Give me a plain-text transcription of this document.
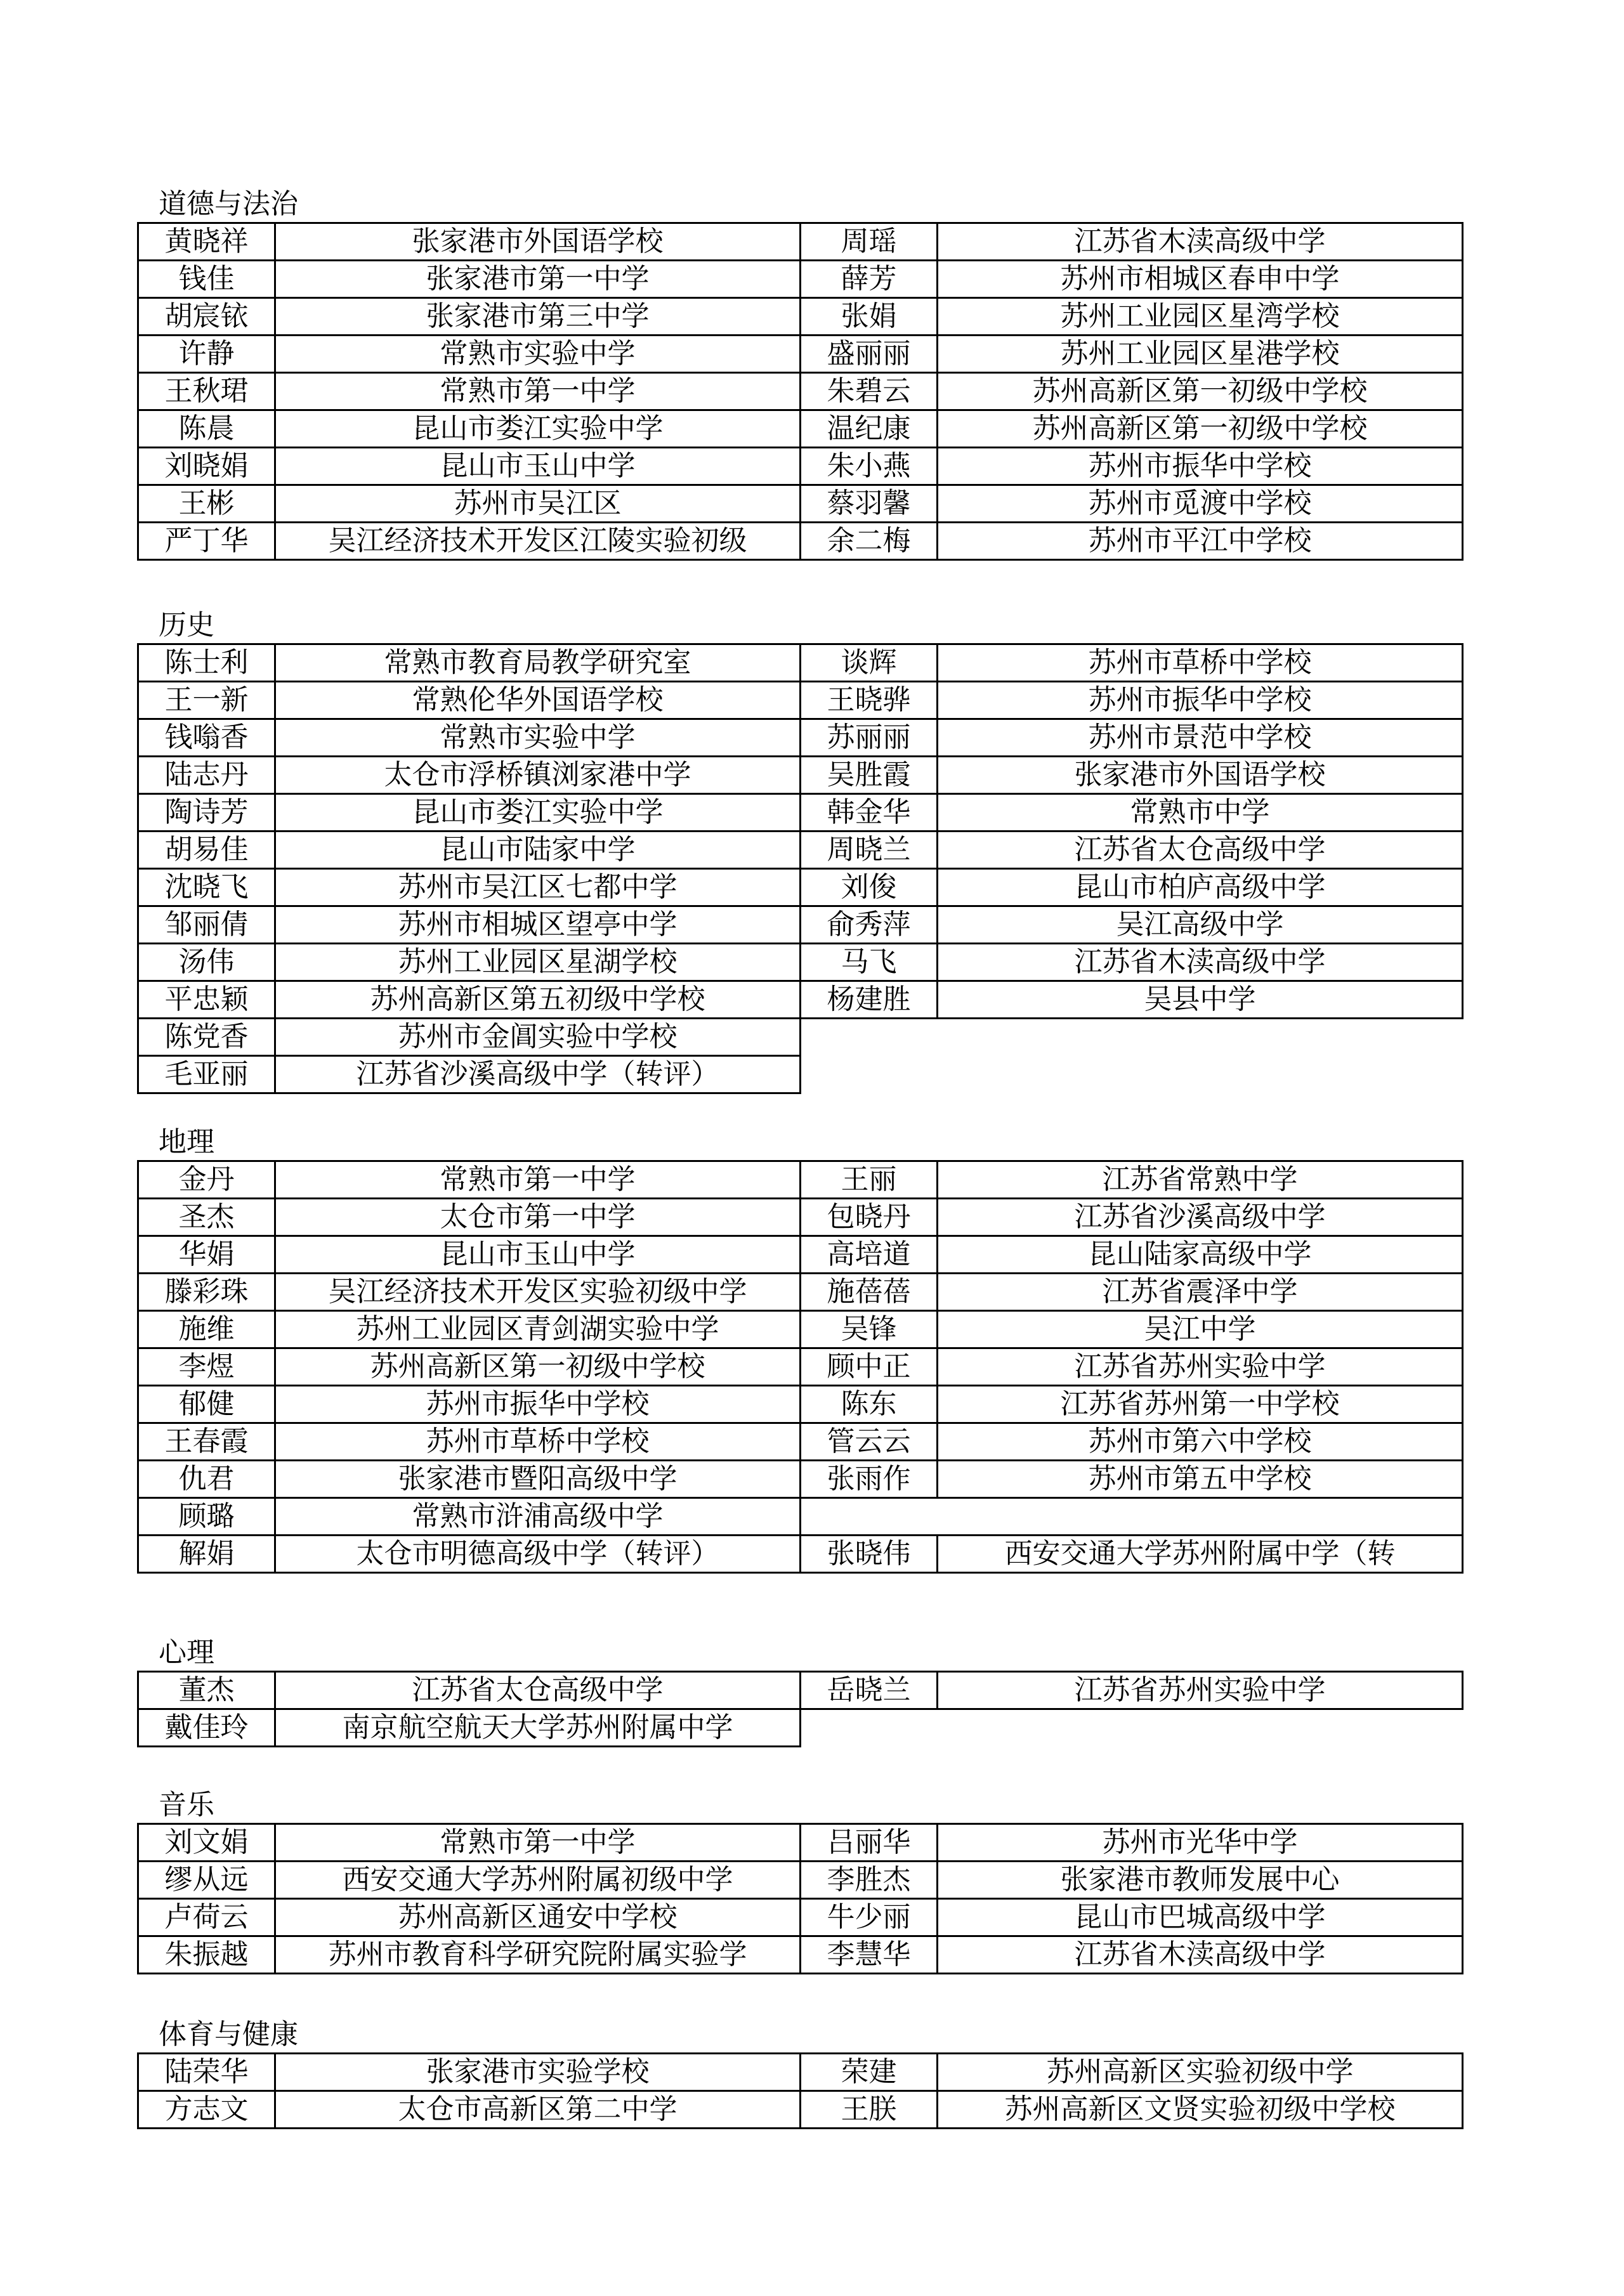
道德与法治
黄晓祥	张家港市外国语学校	周瑶	江苏省木渎高级中学
钱佳	张家港市第一中学	薛芳	苏州市相城区春申中学
胡宸铱	张家港市第三中学	张娟	苏州工业园区星湾学校
许静	常熟市实验中学	盛丽丽	苏州工业园区星港学校
王秋珺	常熟市第一中学	朱碧云	苏州高新区第一初级中学校
陈晨	昆山市娄江实验中学	温纪康	苏州高新区第一初级中学校
刘晓娟	昆山市玉山中学	朱小燕	苏州市振华中学校
王彬	苏州市吴江区	蔡羽馨	苏州市觅渡中学校
严丁华	吴江经济技术开发区江陵实验初级	余二梅	苏州市平江中学校
历史
陈士利	常熟市教育局教学研究室	谈辉	苏州市草桥中学校
王一新	常熟伦华外国语学校	王晓骅	苏州市振华中学校
钱嗡香	常熟市实验中学	苏丽丽	苏州市景范中学校
陆志丹	太仓市浮桥镇浏家港中学	吴胜霞	张家港市外国语学校
陶诗芳	昆山市娄江实验中学	韩金华	常熟市中学
胡易佳	昆山市陆家中学	周晓兰	江苏省太仓高级中学
沈晓飞	苏州市吴江区七都中学	刘俊	昆山市柏庐高级中学
邹丽倩	苏州市相城区望亭中学	俞秀萍	吴江高级中学
汤伟	苏州工业园区星湖学校	马飞	江苏省木渎高级中学
平忠颖	苏州高新区第五初级中学校	杨建胜	吴县中学
陈党香	苏州市金阊实验中学校		
毛亚丽	江苏省沙溪高级中学（转评）		
地理
金丹	常熟市第一中学	王丽	江苏省常熟中学
圣杰	太仓市第一中学	包晓丹	江苏省沙溪高级中学
华娟	昆山市玉山中学	高培道	昆山陆家高级中学
滕彩珠	吴江经济技术开发区实验初级中学	施蓓蓓	江苏省震泽中学
施维	苏州工业园区青剑湖实验中学	吴锋	吴江中学
李煜	苏州高新区第一初级中学校	顾中正	江苏省苏州实验中学
郁健	苏州市振华中学校	陈东	江苏省苏州第一中学校
王春霞	苏州市草桥中学校	管云云	苏州市第六中学校
仇君	张家港市暨阳高级中学	张雨作	苏州市第五中学校
顾璐	常熟市浒浦高级中学		
解娟	太仓市明德高级中学（转评）	张晓伟	西安交通大学苏州附属中学（转
心理
董杰	江苏省太仓高级中学	岳晓兰	江苏省苏州实验中学
戴佳玲	南京航空航天大学苏州附属中学		
音乐
刘文娟	常熟市第一中学	吕丽华	苏州市光华中学
缪从远	西安交通大学苏州附属初级中学	李胜杰	张家港市教师发展中心
卢荷云	苏州高新区通安中学校	牛少丽	昆山市巴城高级中学
朱振越	苏州市教育科学研究院附属实验学	李慧华	江苏省木渎高级中学
体育与健康
陆荣华	张家港市实验学校	荣建	苏州高新区实验初级中学
方志文	太仓市高新区第二中学	王朕	苏州高新区文贤实验初级中学校
